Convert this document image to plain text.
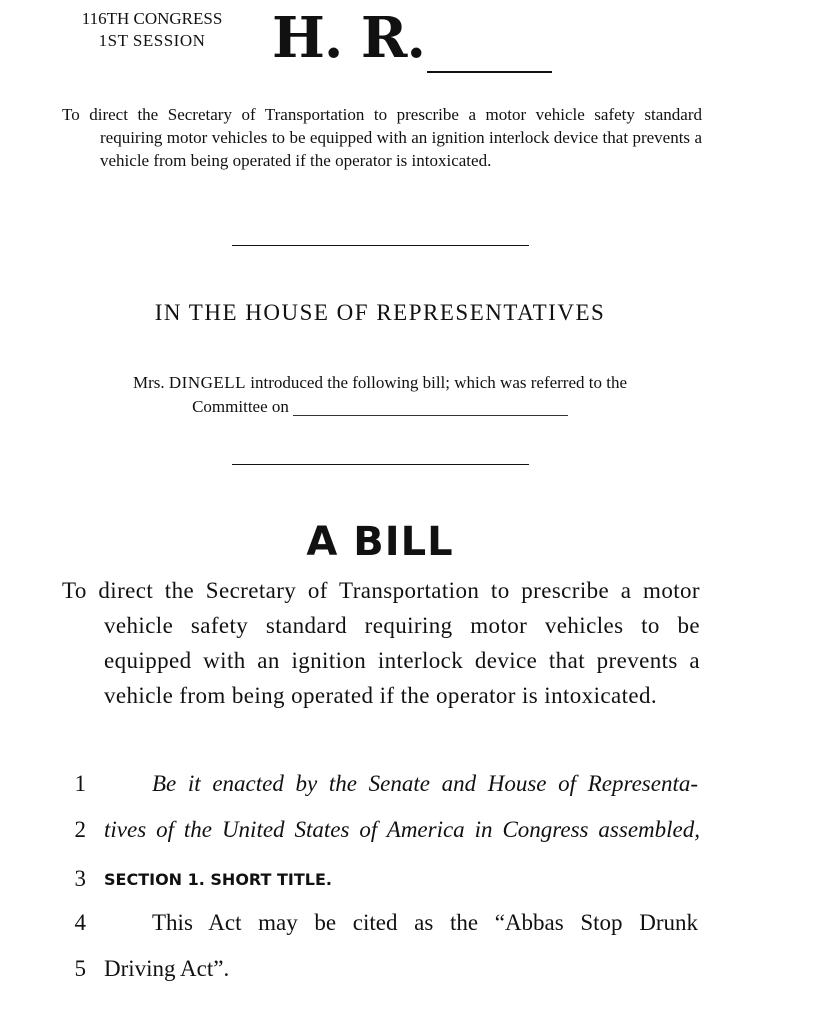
116TH CONGRESS
1ST SESSION	H. R.
To direct the Secretary of Transportation to prescribe a motor vehicle safety standard requiring motor vehicles to be equipped with an ignition interlock device that prevents a vehicle from being operated if the operator is intoxicated.
IN THE HOUSE OF REPRESENTATIVES
Mrs. DINGELL introduced the following bill; which was referred to the
Committee on
A BILL
To direct the Secretary of Transportation to prescribe a motor vehicle safety standard requiring motor vehicles to be equipped with an ignition interlock device that prevents a vehicle from being operated if the operator is intoxicated.
1	Be it enacted by the Senate and House of Representa-
2 tives of the United States of America in Congress assembled,
3 SECTION 1. SHORT TITLE.
4	This Act may be cited as the “Abbas Stop Drunk
5 Driving Act”.
